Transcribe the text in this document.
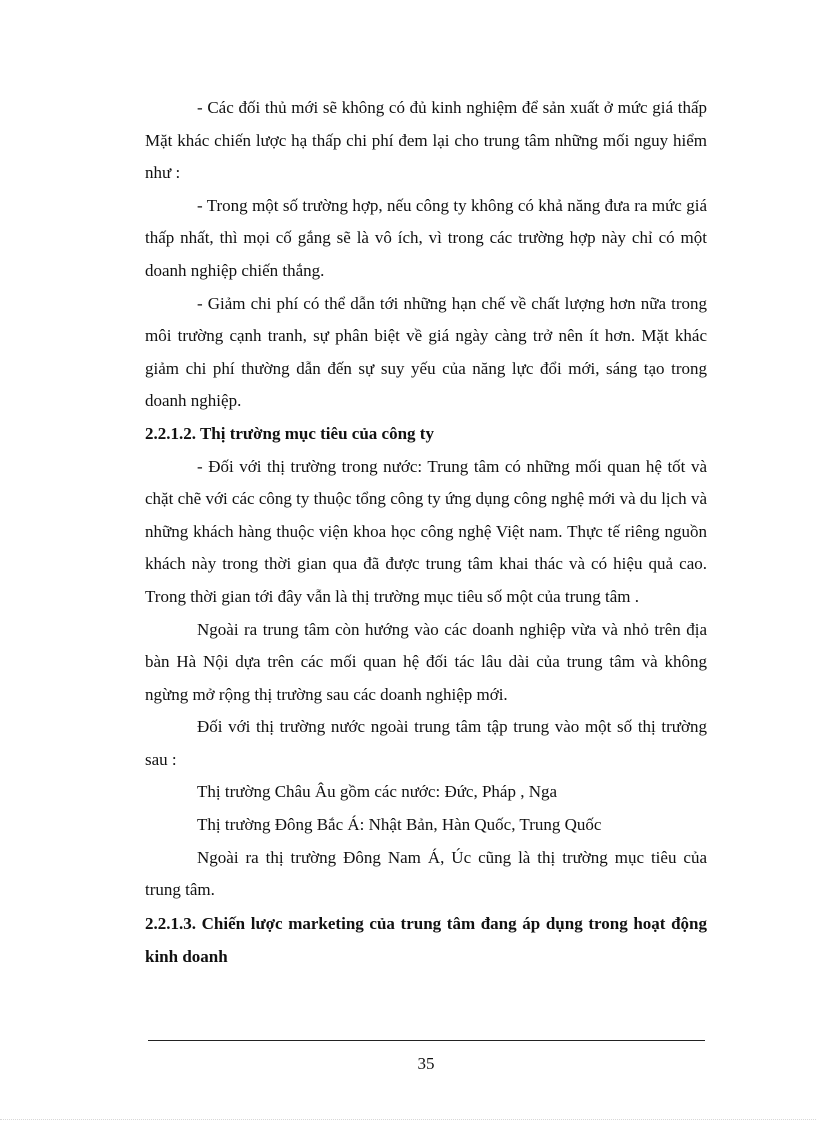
- Các đối thủ mới sẽ không có đủ kinh nghiệm để sản xuất ở mức giá thấp Mặt khác chiến lược hạ thấp chi phí đem lại cho trung tâm những mối nguy hiểm như :

- Trong một số trường hợp, nếu công ty không có khả năng đưa ra mức giá thấp nhất, thì mọi cố gắng sẽ là vô ích, vì trong các trường hợp này chỉ có một doanh nghiệp chiến thắng.

- Giảm chi phí có thể dẫn tới những hạn chế về chất lượng hơn nữa trong môi trường cạnh tranh, sự phân biệt về giá ngày càng trở nên ít hơn. Mặt khác giảm chi phí thường dẫn đến sự suy yếu của năng lực đổi mới, sáng tạo trong doanh nghiệp.

2.2.1.2. Thị trường mục tiêu của công ty

- Đối với thị trường trong nước: Trung tâm có những mối quan hệ tốt và chặt chẽ với các công ty thuộc tổng công ty ứng dụng công nghệ mới và du lịch và những khách hàng thuộc viện khoa học công nghệ Việt nam. Thực tế riêng nguồn khách này trong thời gian qua đã được trung tâm khai thác và có hiệu quả cao. Trong thời gian tới đây vẫn là thị trường mục tiêu số một của trung tâm .

Ngoài ra trung tâm còn hướng vào các doanh nghiệp vừa và nhỏ trên địa bàn Hà Nội dựa trên các mối quan hệ đối tác lâu dài của trung tâm và không ngừng mở rộng thị trường sau các doanh nghiệp mới.

Đối với thị trường nước ngoài trung tâm tập trung vào một số thị trường sau :

Thị trường Châu Âu gồm các nước: Đức, Pháp , Nga

Thị trường Đông Bắc Á: Nhật Bản, Hàn Quốc, Trung Quốc

Ngoài ra thị trường Đông Nam Á, Úc cũng là thị trường mục tiêu của trung tâm.

2.2.1.3. Chiến lược marketing của trung tâm đang áp dụng trong hoạt động kinh doanh

35
